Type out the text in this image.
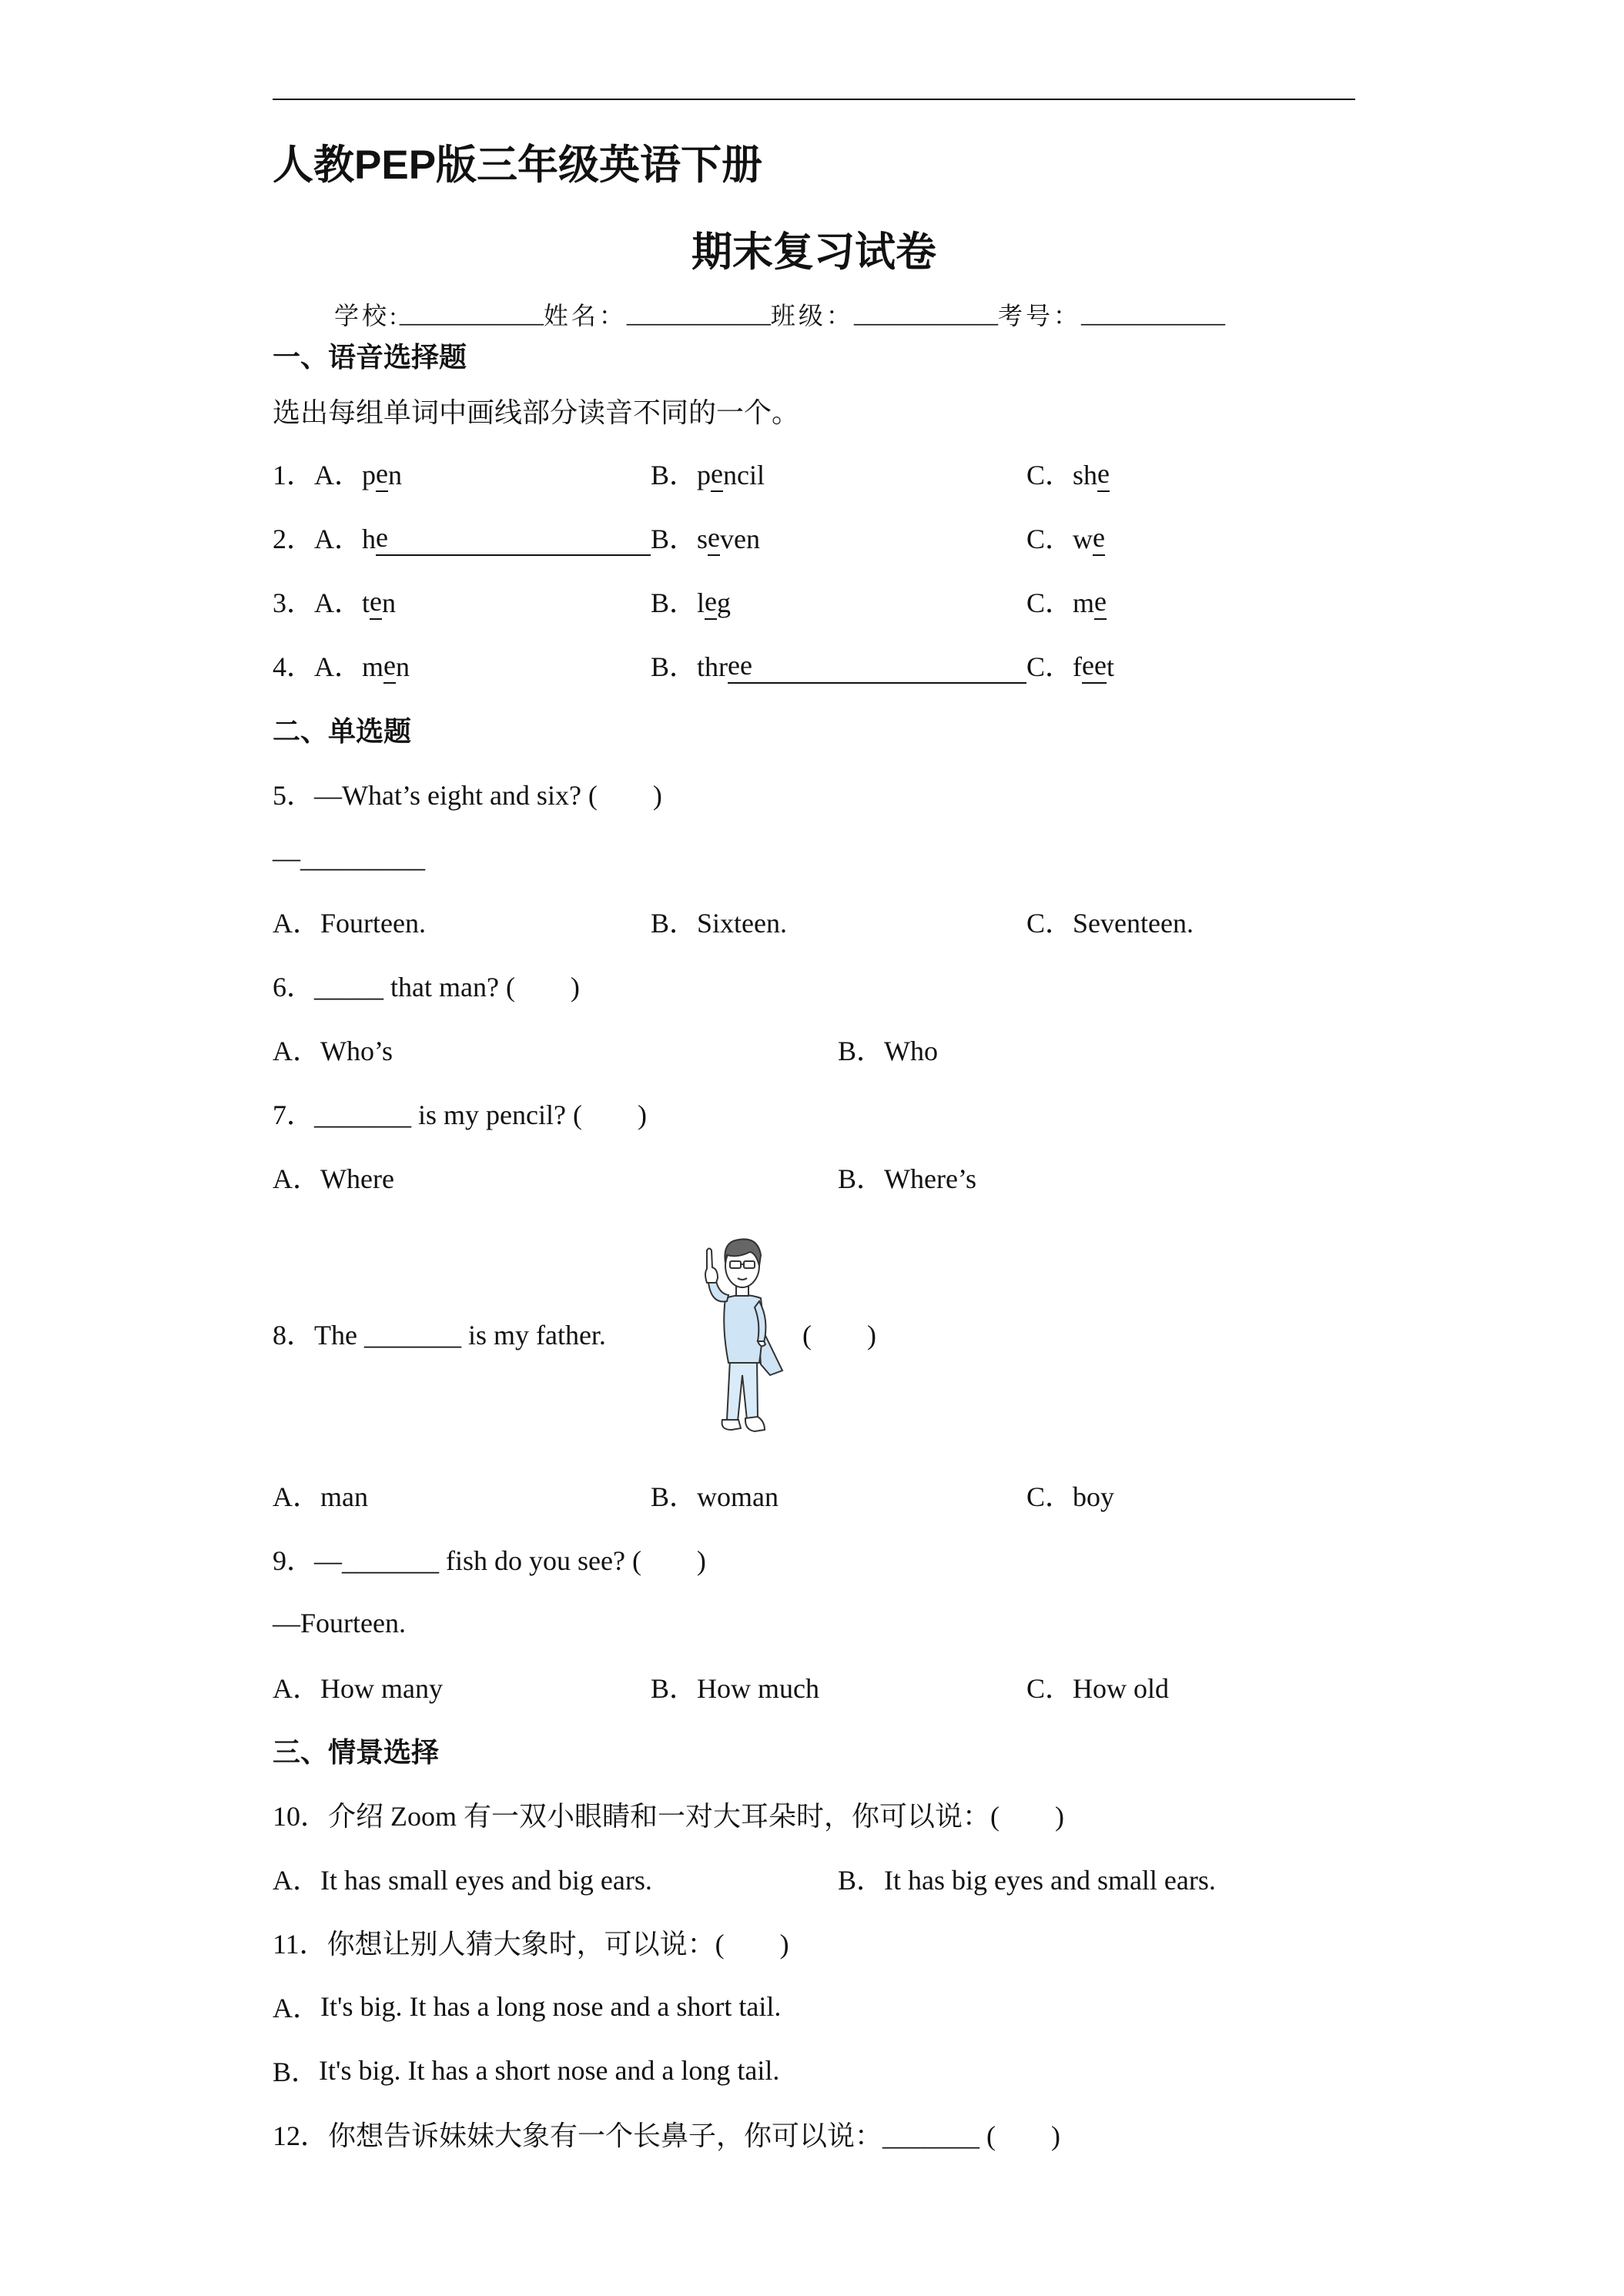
人教PEP版三年级英语下册
期末复习试卷
学校: ___________ 姓名： ___________ 班级： ___________ 考号： ___________
一、语音选择题
选出每组单词中画线部分读音不同的一个。
1． A． p e n	B． p e ncil	C． sh e
2． A． h e	B． s e ven	C． w e
3． A． t e n	B． l e g	C． m e
4． A． m e n	B． thr ee	C． f ee t
二、单选题
5．—What’s eight and six? (　　)
—_________
A．Fourteen.	B．Sixteen.	C．Seventeen.
6．_____ that man? (　　)
A．Who’s	B．Who
7．_______ is my pencil? (　　)
A．Where	B．Where’s
8．The _______ is my father.	(　　)
A．man	B．woman	C．boy
9．—_______ fish do you see? (　　)
—Fourteen.
A．How many	B．How much	C．How old
三、情景选择
10．介绍 Zoom 有一双小眼睛和一对大耳朵时，你可以说：(　　)
A．It has small eyes and big ears.	B．It has big eyes and small ears.
11．你想让别人猜大象时，可以说：(　　)
A． It's big. It has a long nose and a short tail.
B． It's big. It has a short nose and a long tail.
12．你想告诉妹妹大象有一个长鼻子，你可以说：_______ (　　)
